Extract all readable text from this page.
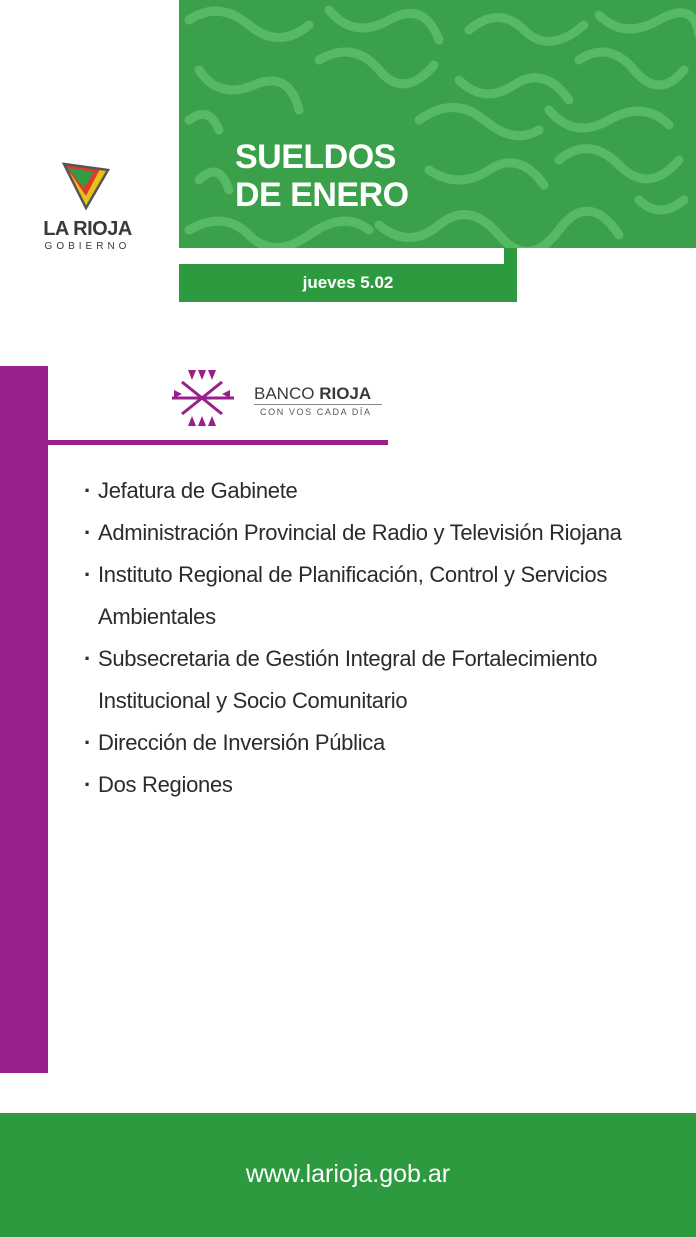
LA RIOJA
GOBIERNO
SUELDOS
DE ENERO
jueves 5.02
BANCO RIOJA
CON VOS CADA DÍA
· Jefatura de Gabinete
· Administración Provincial de Radio y Televisión Riojana
· Instituto Regional de Planificación, Control y Servicios Ambientales
· Subsecretaria de Gestión Integral de Fortalecimiento Institucional y Socio Comunitario
· Dirección de Inversión Pública
· Dos Regiones
www.larioja.gob.ar
